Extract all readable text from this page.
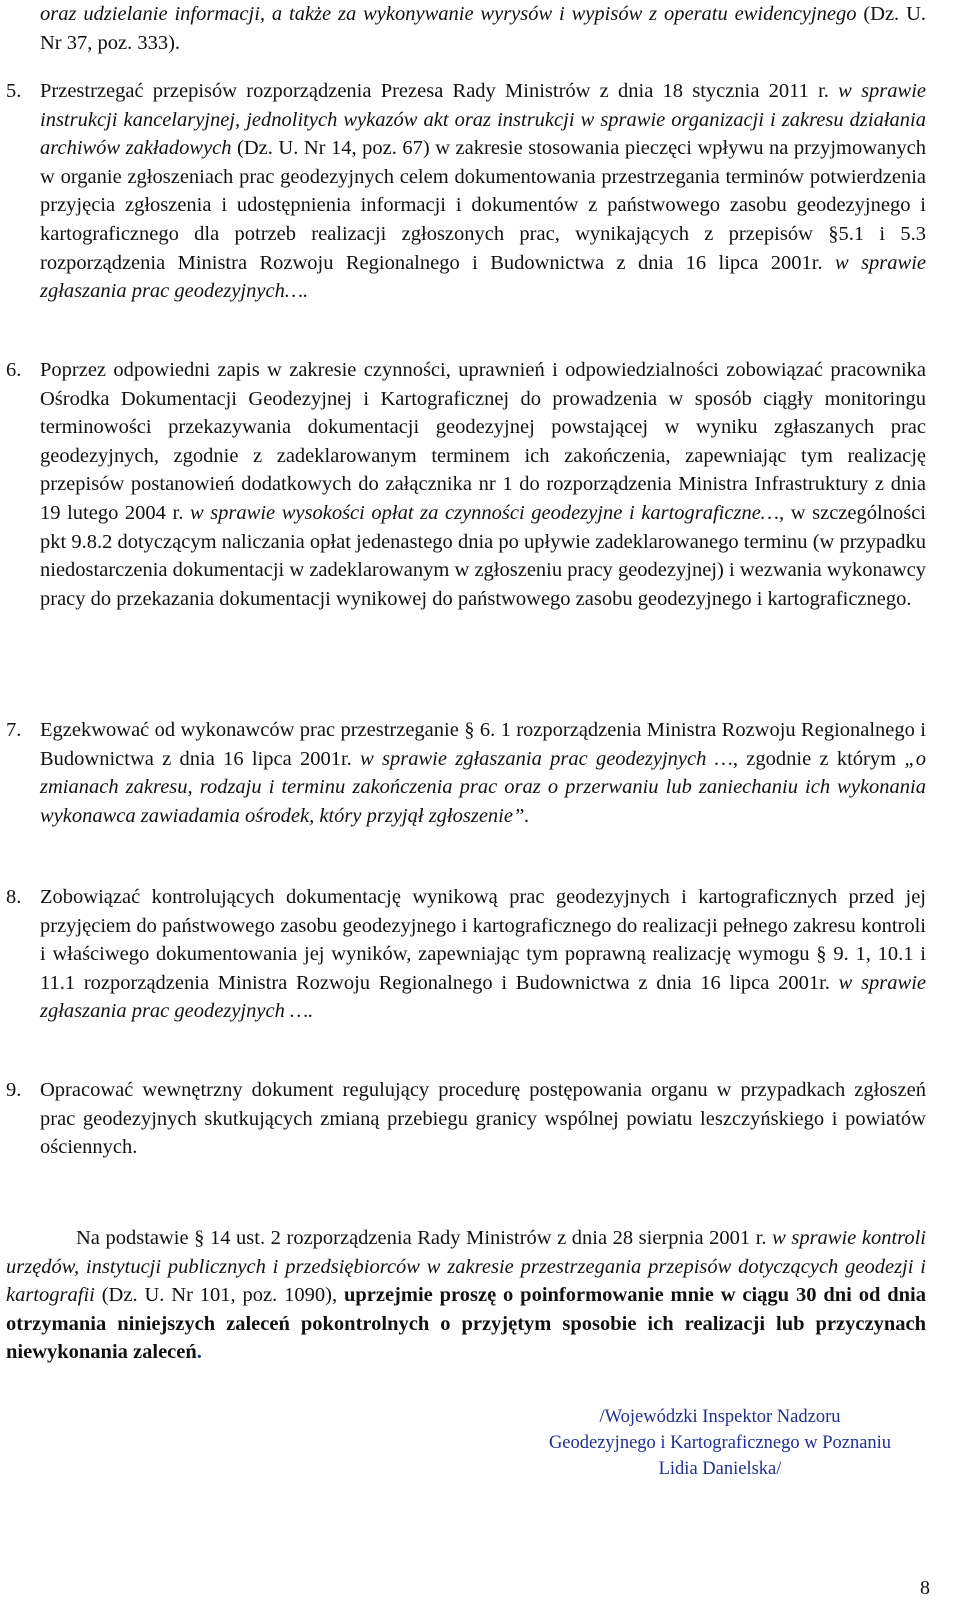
oraz udzielanie informacji, a także za wykonywanie wyrysów i wypisów z operatu ewidencyjnego (Dz. U. Nr 37, poz. 333).

5. Przestrzegać przepisów rozporządzenia Prezesa Rady Ministrów z dnia 18 stycznia 2011 r. w sprawie instrukcji kancelaryjnej, jednolitych wykazów akt oraz instrukcji w sprawie organizacji i zakresu działania archiwów zakładowych (Dz. U. Nr 14, poz. 67) w zakresie stosowania pieczęci wpływu na przyjmowanych w organie zgłoszeniach prac geodezyjnych celem dokumentowania przestrzegania terminów potwierdzenia przyjęcia zgłoszenia i udostępnienia informacji i dokumentów z państwowego zasobu geodezyjnego i kartograficznego dla potrzeb realizacji zgłoszonych prac, wynikających z przepisów §5.1 i 5.3 rozporządzenia Ministra Rozwoju Regionalnego i Budownictwa z dnia 16 lipca 2001r. w sprawie zgłaszania prac geodezyjnych….

6. Poprzez odpowiedni zapis w zakresie czynności, uprawnień i odpowiedzialności zobowiązać pracownika Ośrodka Dokumentacji Geodezyjnej i Kartograficznej do prowadzenia w sposób ciągły monitoringu terminowości przekazywania dokumentacji geodezyjnej powstającej w wyniku zgłaszanych prac geodezyjnych, zgodnie z zadeklarowanym terminem ich zakończenia, zapewniając tym realizację przepisów postanowień dodatkowych do załącznika nr 1 do rozporządzenia Ministra Infrastruktury z dnia 19 lutego 2004 r. w sprawie wysokości opłat za czynności geodezyjne i kartograficzne…, w szczególności pkt 9.8.2 dotyczącym naliczania opłat jedenastego dnia po upływie zadeklarowanego terminu (w przypadku niedostarczenia dokumentacji w zadeklarowanym w zgłoszeniu pracy geodezyjnej) i wezwania wykonawcy pracy do przekazania dokumentacji wynikowej do państwowego zasobu geodezyjnego i kartograficznego.

7. Egzekwować od wykonawców prac przestrzeganie § 6. 1 rozporządzenia Ministra Rozwoju Regionalnego i Budownictwa z dnia 16 lipca 2001r. w sprawie zgłaszania prac geodezyjnych …, zgodnie z którym „o zmianach zakresu, rodzaju i terminu zakończenia prac oraz o przerwaniu lub zaniechaniu ich wykonania wykonawca zawiadamia ośrodek, który przyjął zgłoszenie”.

8. Zobowiązać kontrolujących dokumentację wynikową prac geodezyjnych i kartograficznych przed jej przyjęciem do państwowego zasobu geodezyjnego i kartograficznego do realizacji pełnego zakresu kontroli i właściwego dokumentowania jej wyników, zapewniając tym poprawną realizację wymogu § 9. 1, 10.1 i 11.1 rozporządzenia Ministra Rozwoju Regionalnego i Budownictwa z dnia 16 lipca 2001r. w sprawie zgłaszania prac geodezyjnych ….

9. Opracować wewnętrzny dokument regulujący procedurę postępowania organu w przypadkach zgłoszeń prac geodezyjnych skutkujących zmianą przebiegu granicy wspólnej powiatu leszczyńskiego i powiatów ościennych.

Na podstawie § 14 ust. 2 rozporządzenia Rady Ministrów z dnia 28 sierpnia 2001 r. w sprawie kontroli urzędów, instytucji publicznych i przedsiębiorców w zakresie przestrzegania przepisów dotyczących geodezji i kartografii (Dz. U. Nr 101, poz. 1090), uprzejmie proszę o poinformowanie mnie w ciągu 30 dni od dnia otrzymania niniejszych zaleceń pokontrolnych o przyjętym sposobie ich realizacji lub przyczynach niewykonania zaleceń.

/Wojewódzki Inspektor Nadzoru
Geodezyjnego i Kartograficznego w Poznaniu
Lidia Danielska/
8
